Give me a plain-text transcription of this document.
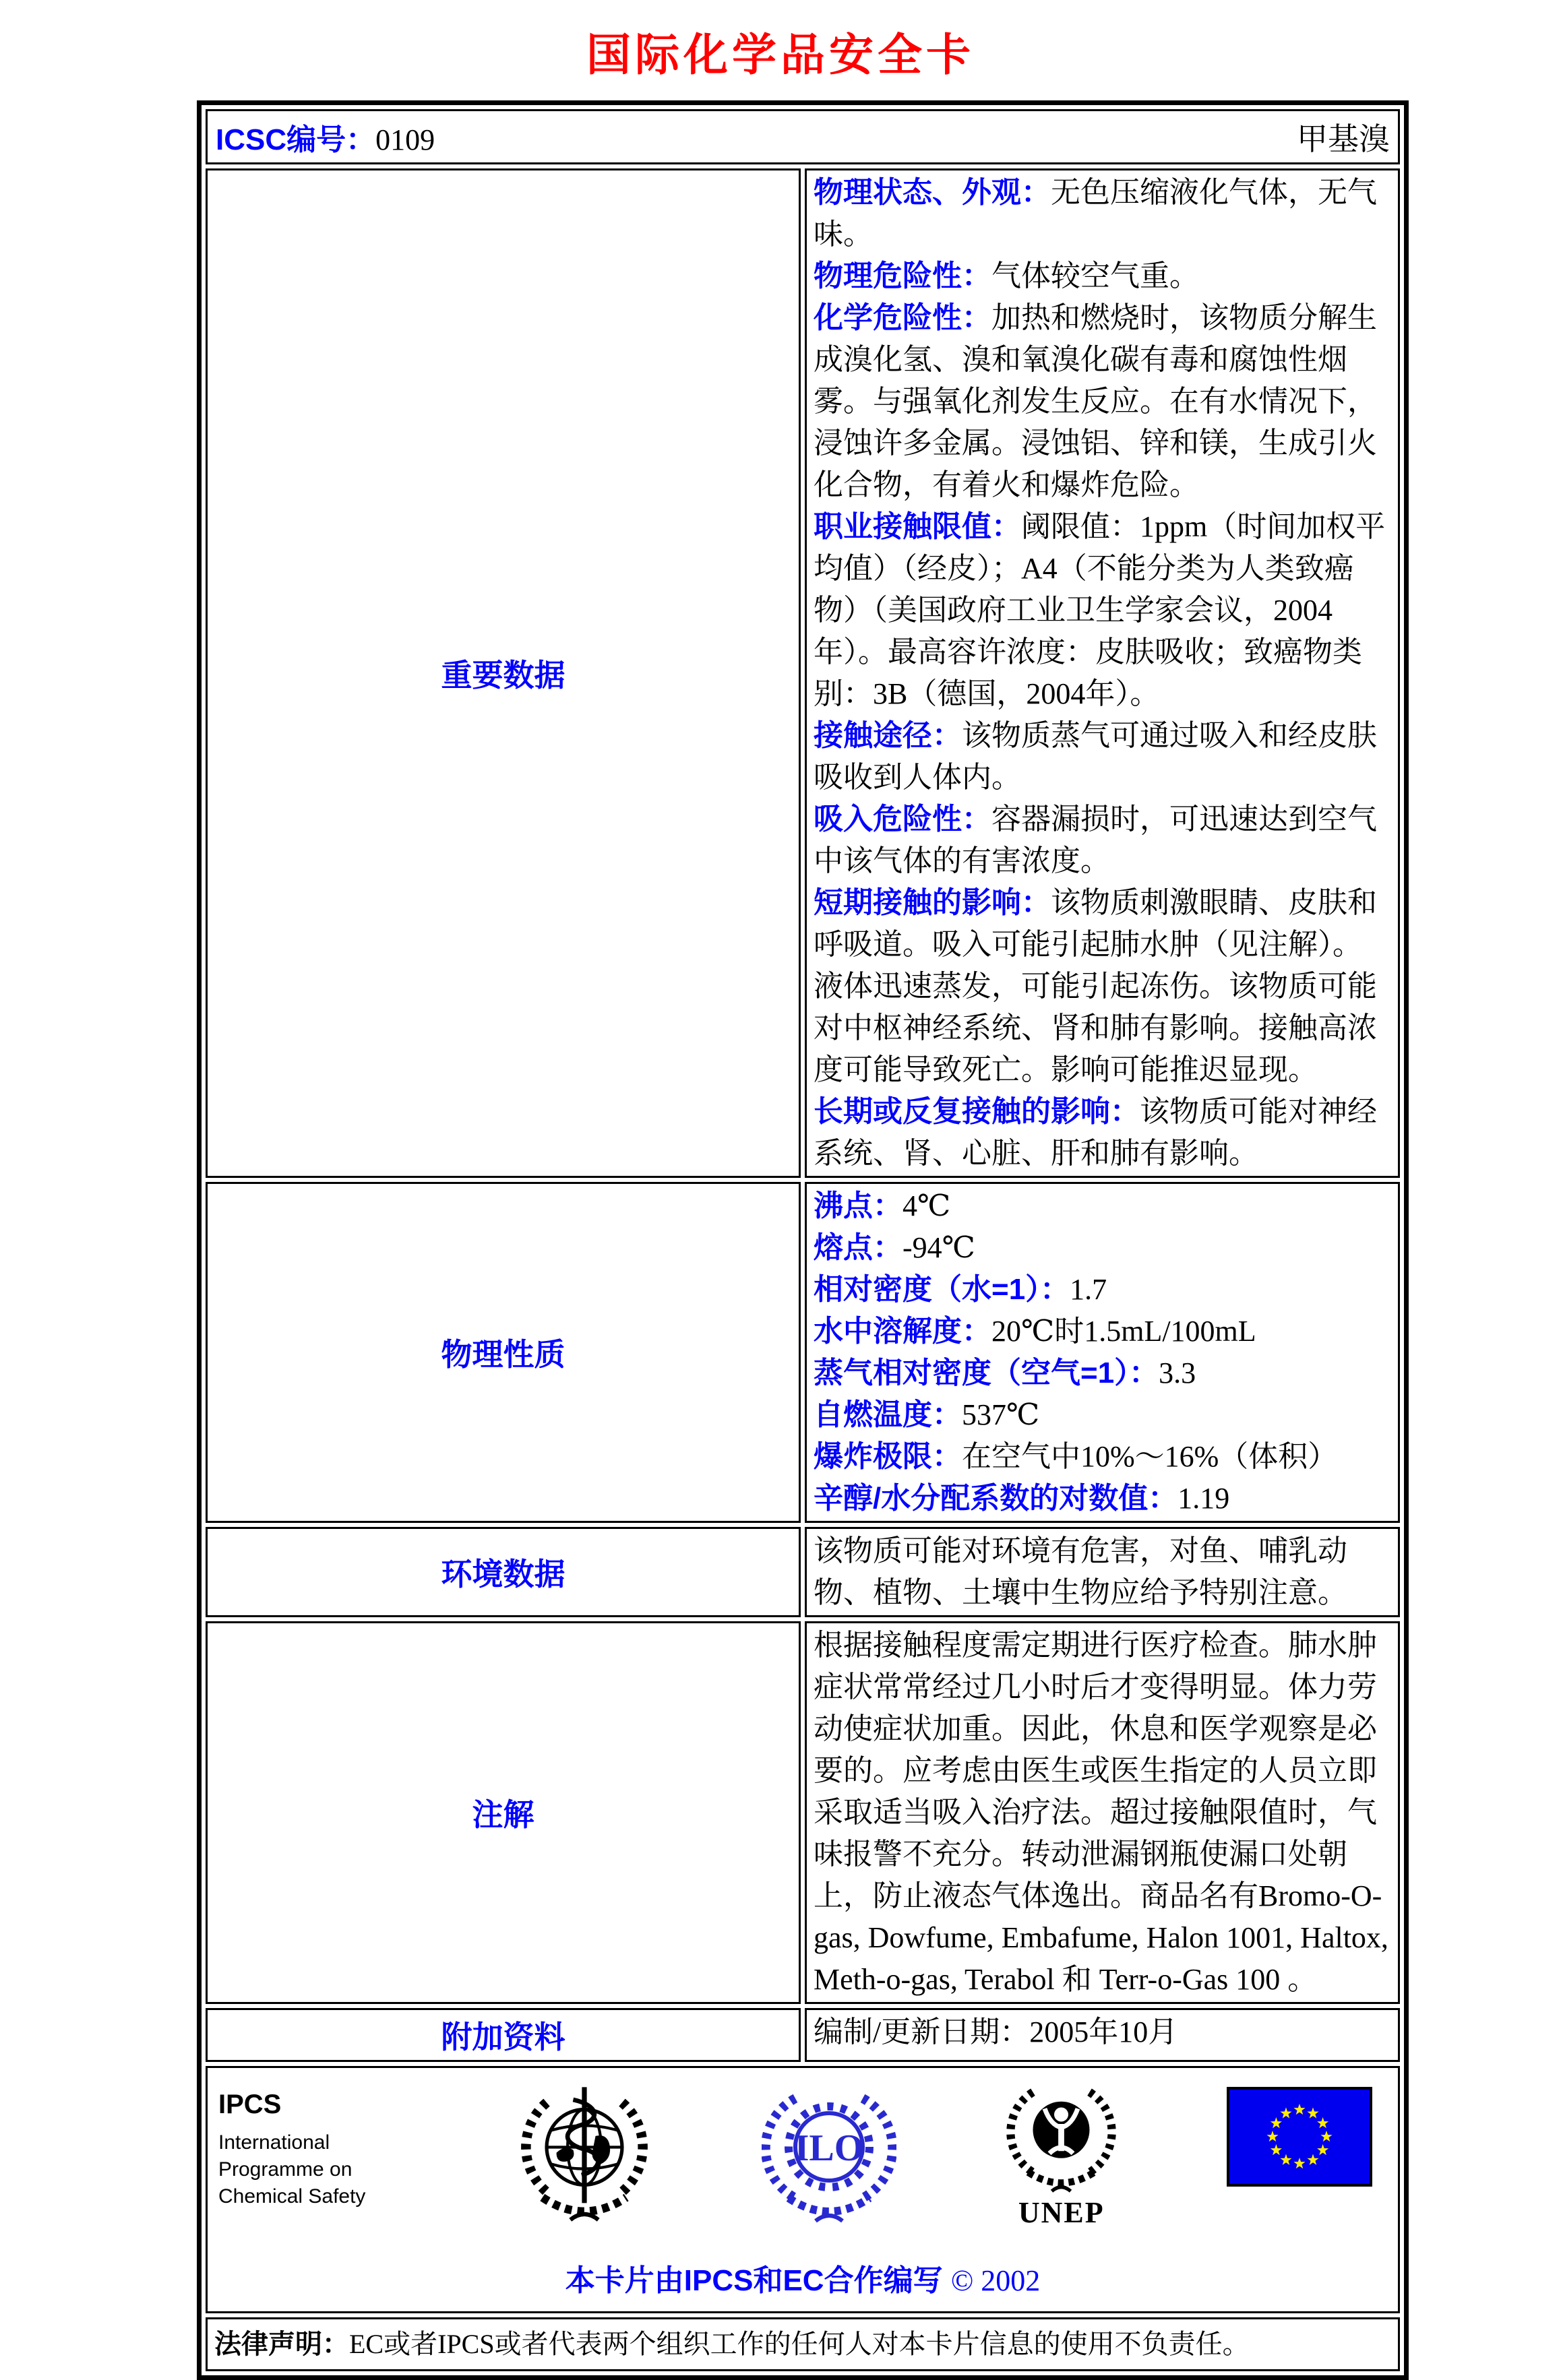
国际化学品安全卡
ICSC编号：0109 甲基溴	

重要数据	
物理状态、外观：无色压缩液化气体，无气味。
物理危险性：气体较空气重。
化学危险性：加热和燃烧时，该物质分解生成溴化氢、溴和氧溴化碳有毒和腐蚀性烟雾。与强氧化剂发生反应。在有水情况下，浸蚀许多金属。浸蚀铝、锌和镁，生成引火化合物，有着火和爆炸危险。
职业接触限值：阈限值：1ppm（时间加权平均值）（经皮）；A4（不能分类为人类致癌物）（美国政府工业卫生学家会议，2004年）。最高容许浓度：皮肤吸收；致癌物类别：3B（德国，2004年）。
接触途径：该物质蒸气可通过吸入和经皮肤吸收到人体内。
吸入危险性：容器漏损时，可迅速达到空气中该气体的有害浓度。
短期接触的影响：该物质刺激眼睛、皮肤和呼吸道。吸入可能引起肺水肿（见注解）。液体迅速蒸发，可能引起冻伤。该物质可能对中枢神经系统、肾和肺有影响。接触高浓度可能导致死亡。影响可能推迟显现。
长期或反复接触的影响：该物质可能对神经系统、肾、心脏、肝和肺有影响。

物理性质	
沸点：4℃
熔点：-94℃
相对密度（水=1）：1.7
水中溶解度：20℃时1.5mL/100mL
蒸气相对密度（空气=1）：3.3
自燃温度：537℃
爆炸极限：在空气中10%～16%（体积）
辛醇/水分配系数的对数值：1.19

环境数据	该物质可能对环境有危害，对鱼、哺乳动物、植物、土壤中生物应给予特别注意。
注解	根据接触程度需定期进行医疗检查。肺水肿症状常常经过几小时后才变得明显。体力劳动使症状加重。因此，休息和医学观察是必要的。应考虑由医生或医生指定的人员立即采取适当吸入治疗法。超过接触限值时，气味报警不充分。转动泄漏钢瓶使漏口处朝上，防止液态气体逸出。商品名有Bromo-O-gas, Dowfume, Embafume, Halon 1001, Haltox, Meth-o-gas, Terabol 和 Terr-o-Gas 100 。
附加资料	编制/更新日期：2005年10月

IPCS
International
Programme on
Chemical Safety
ILO
UNEP
本卡片由IPCS和EC合作编写 © 2002

法律声明：EC或者IPCS或者代表两个组织工作的任何人对本卡片信息的使用不负责任。	
